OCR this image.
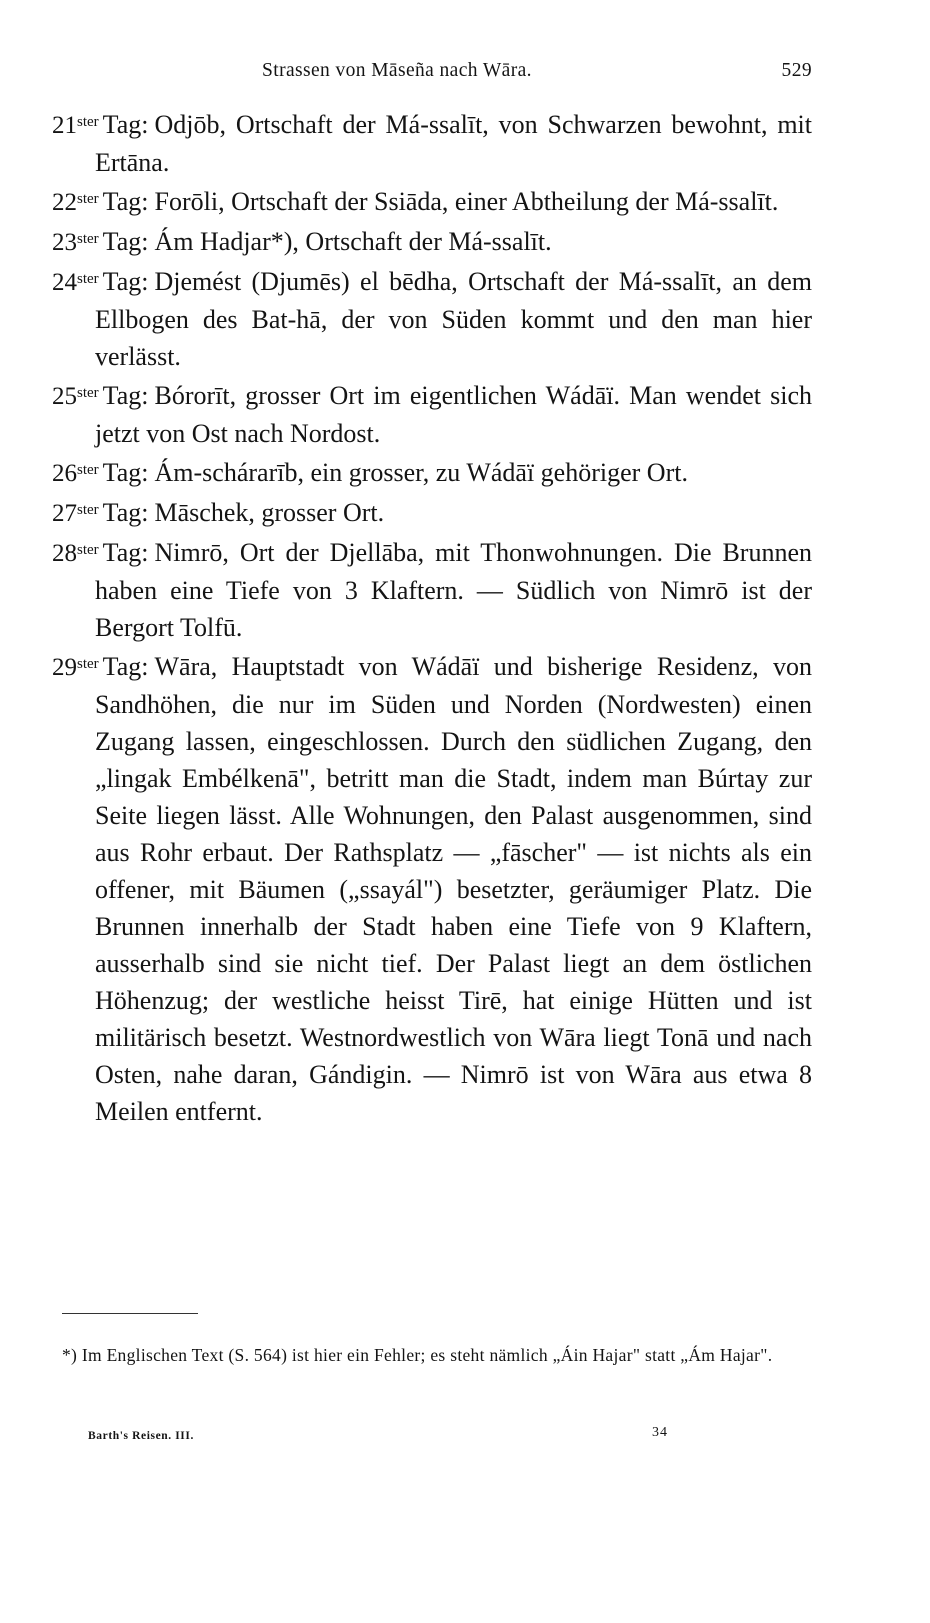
Strassen von Māseña nach Wāra.	529

$21^{ster}$ Tag: Odjōb, Ortschaft der Má-ssalīt, von Schwarzen bewohnt, mit Ertāna.

$22^{ster}$ Tag: Forōli, Ortschaft der Ssiāda, einer Abtheilung der Má-ssalīt.

$23^{ster}$ Tag: Ám Hadjar*), Ortschaft der Má-ssalīt.

$24^{ster}$ Tag: Djemést (Djumēs) el bēdha, Ortschaft der Má-ssalīt, an dem Ellbogen des Bat-hā, der von Süden kommt und den man hier verlässt.

$25^{ster}$ Tag: Bórorīt, grosser Ort im eigentlichen Wádāï. Man wendet sich jetzt von Ost nach Nordost.

$26^{ster}$ Tag: Ám-schárarīb, ein grosser, zu Wádāï gehöriger Ort.

$27^{ster}$ Tag: Māschek, grosser Ort.

$28^{ster}$ Tag: Nimrō, Ort der Djellāba, mit Thonwohnungen. Die Brunnen haben eine Tiefe von 3 Klaftern. — Südlich von Nimrō ist der Bergort Tolfū.

$29^{ster}$ Tag: Wāra, Hauptstadt von Wádāï und bisherige Residenz, von Sandhöhen, die nur im Süden und Norden (Nordwesten) einen Zugang lassen, eingeschlossen. Durch den südlichen Zugang, den „lingak Embélkenā", betritt man die Stadt, indem man Búrtay zur Seite liegen lässt. Alle Wohnungen, den Palast ausgenommen, sind aus Rohr erbaut. Der Rathsplatz — „fāscher" — ist nichts als ein offener, mit Bäumen („ssayál") besetzter, geräumiger Platz. Die Brunnen innerhalb der Stadt haben eine Tiefe von 9 Klaftern, ausserhalb sind sie nicht tief. Der Palast liegt an dem östlichen Höhenzug; der westliche heisst Tirē, hat einige Hütten und ist militärisch besetzt. Westnordwestlich von Wāra liegt Tonā und nach Osten, nahe daran, Gándigin. — Nimrō ist von Wāra aus etwa 8 Meilen entfernt.

*) Im Englischen Text (S. 564) ist hier ein Fehler; es steht nämlich „Áin Hajar" statt „Ám Hajar".
Barth's Reisen. III.	34
